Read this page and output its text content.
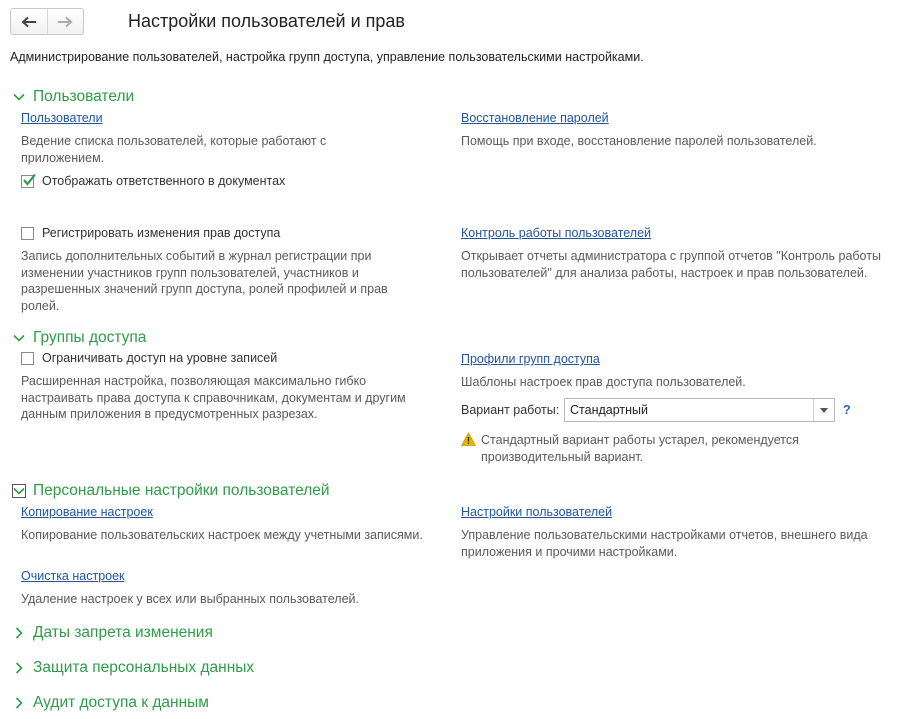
Настройки пользователей и прав
Администрирование пользователей, настройка групп доступа, управление пользовательскими настройками.
Пользователи
Пользователи
Ведение списка пользователей, которые работают с приложением.
Отображать ответственного в документах
Восстановление паролей
Помощь при входе, восстановление паролей пользователей.
Регистрировать изменения прав доступа
Запись дополнительных событий в журнал регистрации при изменении участников групп пользователей, участников и разрешенных значений групп доступа, ролей профилей и прав ролей.
Контроль работы пользователей
Открывает отчеты администратора с группой отчетов "Контроль работы пользователей" для анализа работы, настроек и прав пользователей.
Группы доступа
Ограничивать доступ на уровне записей
Расширенная настройка, позволяющая максимально гибко настраивать права доступа к справочникам, документам и другим данным приложения в предусмотренных разрезах.
Профили групп доступа
Шаблоны настроек прав доступа пользователей.
Вариант работы: Стандартный	?
Стандартный вариант работы устарел, рекомендуется производительный вариант.
Персональные настройки пользователей
Копирование настроек
Копирование пользовательских настроек между учетными записями.
Настройки пользователей
Управление пользовательскими настройками отчетов, внешнего вида приложения и прочими настройками.
Очистка настроек
Удаление настроек у всех или выбранных пользователей.
Даты запрета изменения
Защита персональных данных
Аудит доступа к данным
